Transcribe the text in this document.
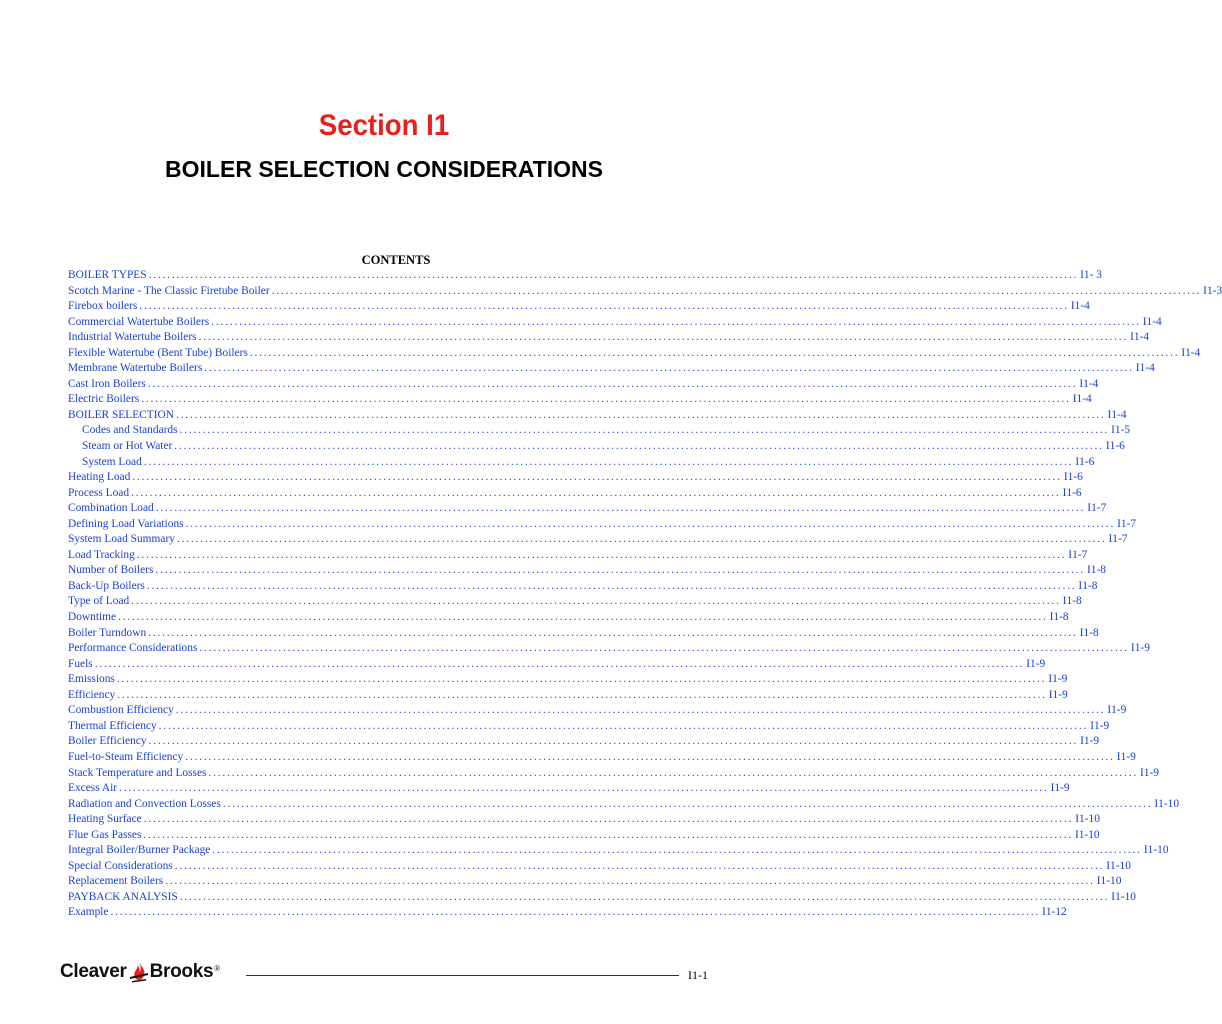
Section I1
BOILER SELECTION CONSIDERATIONS
CONTENTS
BOILER TYPES ........................................................................................................................................................................................................ I1- 3
Scotch Marine - The Classic Firetube Boiler ........................................................................................................................................................................................................ I1-3
Firebox boilers ........................................................................................................................................................................................................ I1-4
Commercial Watertube Boilers ........................................................................................................................................................................................................ I1-4
Industrial Watertube Boilers ........................................................................................................................................................................................................ I1-4
Flexible Watertube (Bent Tube) Boilers ........................................................................................................................................................................................................ I1-4
Membrane Watertube Boilers ........................................................................................................................................................................................................ I1-4
Cast Iron Boilers ........................................................................................................................................................................................................ I1-4
Electric Boilers ........................................................................................................................................................................................................ I1-4
BOILER SELECTION ........................................................................................................................................................................................................ I1-4
Codes and Standards ........................................................................................................................................................................................................ I1-5
Steam or Hot Water ........................................................................................................................................................................................................ I1-6
System Load ........................................................................................................................................................................................................ I1-6
Heating Load ........................................................................................................................................................................................................ I1-6
Process Load ........................................................................................................................................................................................................ I1-6
Combination Load ........................................................................................................................................................................................................ I1-7
Defining Load Variations ........................................................................................................................................................................................................ I1-7
System Load Summary ........................................................................................................................................................................................................ I1-7
Load Tracking ........................................................................................................................................................................................................ I1-7
Number of Boilers ........................................................................................................................................................................................................ I1-8
Back-Up Boilers ........................................................................................................................................................................................................ I1-8
Type of Load ........................................................................................................................................................................................................ I1-8
Downtime ........................................................................................................................................................................................................ I1-8
Boiler Turndown ........................................................................................................................................................................................................ I1-8
Performance Considerations ........................................................................................................................................................................................................ I1-9
Fuels ........................................................................................................................................................................................................ I1-9
Emissions ........................................................................................................................................................................................................ I1-9
Efficiency ........................................................................................................................................................................................................ I1-9
Combustion Efficiency ........................................................................................................................................................................................................ I1-9
Thermal Efficiency ........................................................................................................................................................................................................ I1-9
Boiler Efficiency ........................................................................................................................................................................................................ I1-9
Fuel-to-Steam Efficiency ........................................................................................................................................................................................................ I1-9
Stack Temperature and Losses ........................................................................................................................................................................................................ I1-9
Excess Air ........................................................................................................................................................................................................ I1-9
Radiation and Convection Losses ........................................................................................................................................................................................................ I1-10
Heating Surface ........................................................................................................................................................................................................ I1-10
Flue Gas Passes ........................................................................................................................................................................................................ I1-10
Integral Boiler/Burner Package ........................................................................................................................................................................................................ I1-10
Special Considerations ........................................................................................................................................................................................................ I1-10
Replacement Boilers ........................................................................................................................................................................................................ I1-10
PAYBACK ANALYSIS ........................................................................................................................................................................................................ I1-10
Example ........................................................................................................................................................................................................ I1-12
Cleaver Brooks ®	I1-1
